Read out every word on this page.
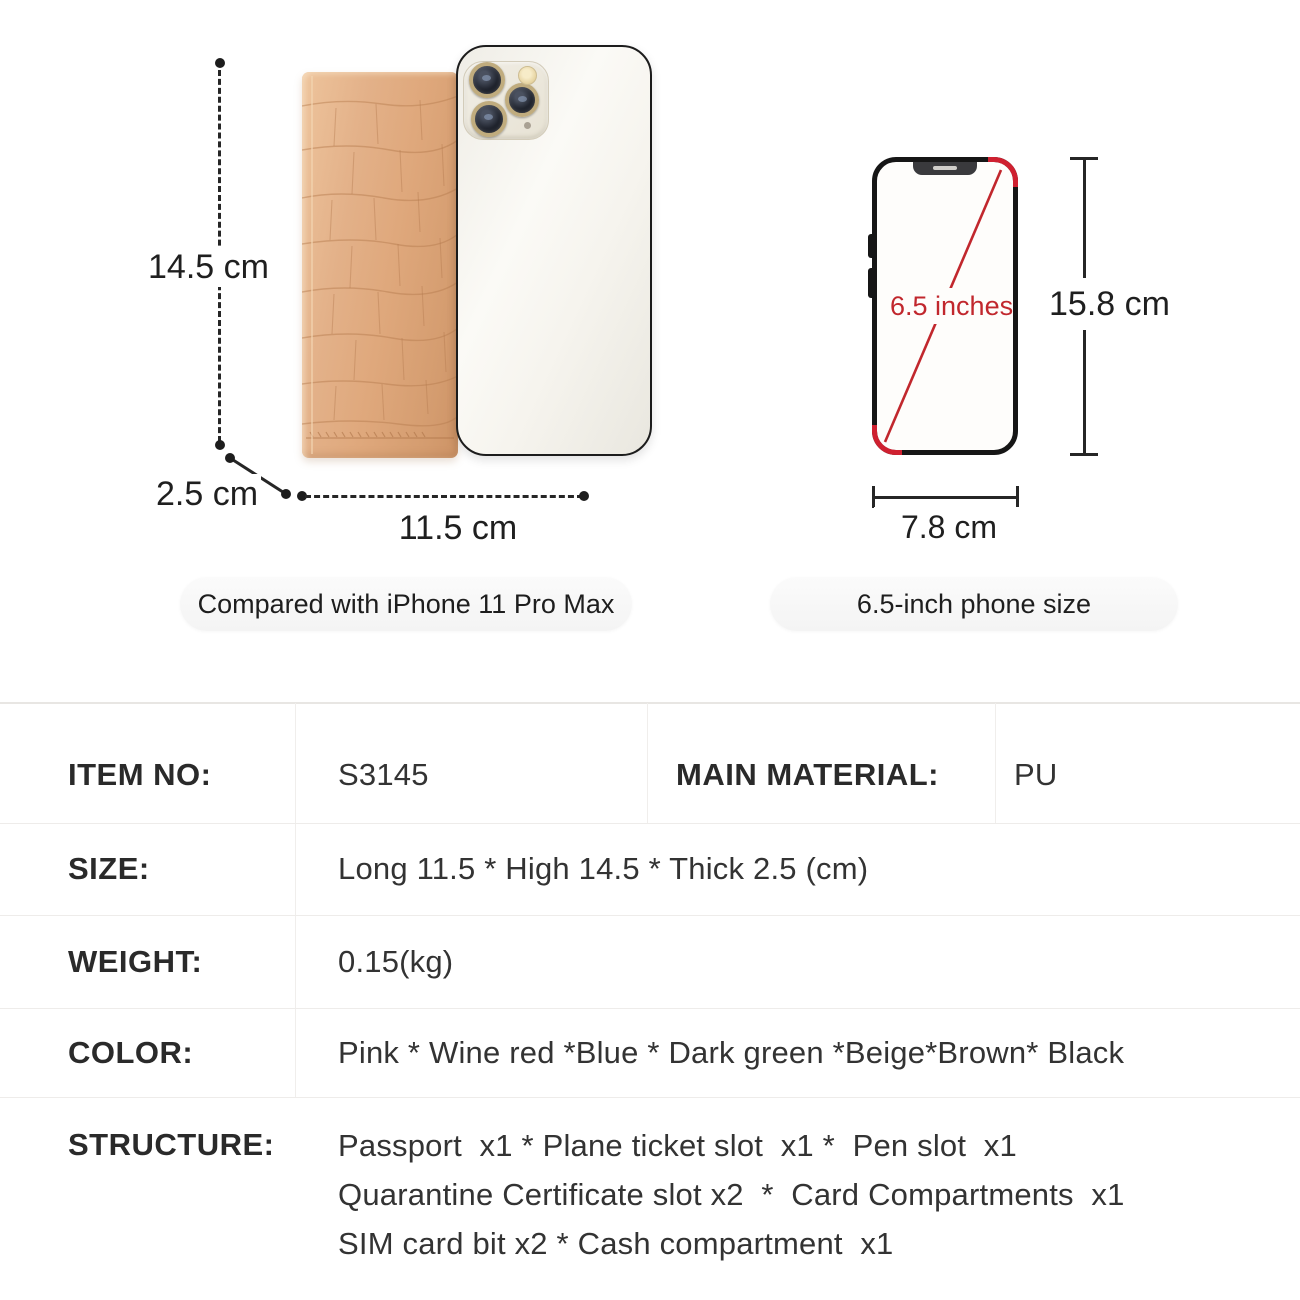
14.5 cm
2.5 cm
11.5 cm
Compared with iPhone 11 Pro Max
6.5 inches 15.8 cm
7.8 cm
6.5-inch phone size
ITEM NO:	S3145	MAIN MATERIAL: PU
SIZE:	Long 11.5 * High 14.5 * Thick 2.5 (cm)
WEIGHT:	0.15(kg)
COLOR:	Pink * Wine red *Blue * Dark green *Beige*Brown* Black
STRUCTURE: Passport  x1 * Plane ticket slot  x1 *  Pen slot  x1
Quarantine Certificate slot x2  *  Card Compartments  x1
SIM card bit x2 * Cash compartment  x1
